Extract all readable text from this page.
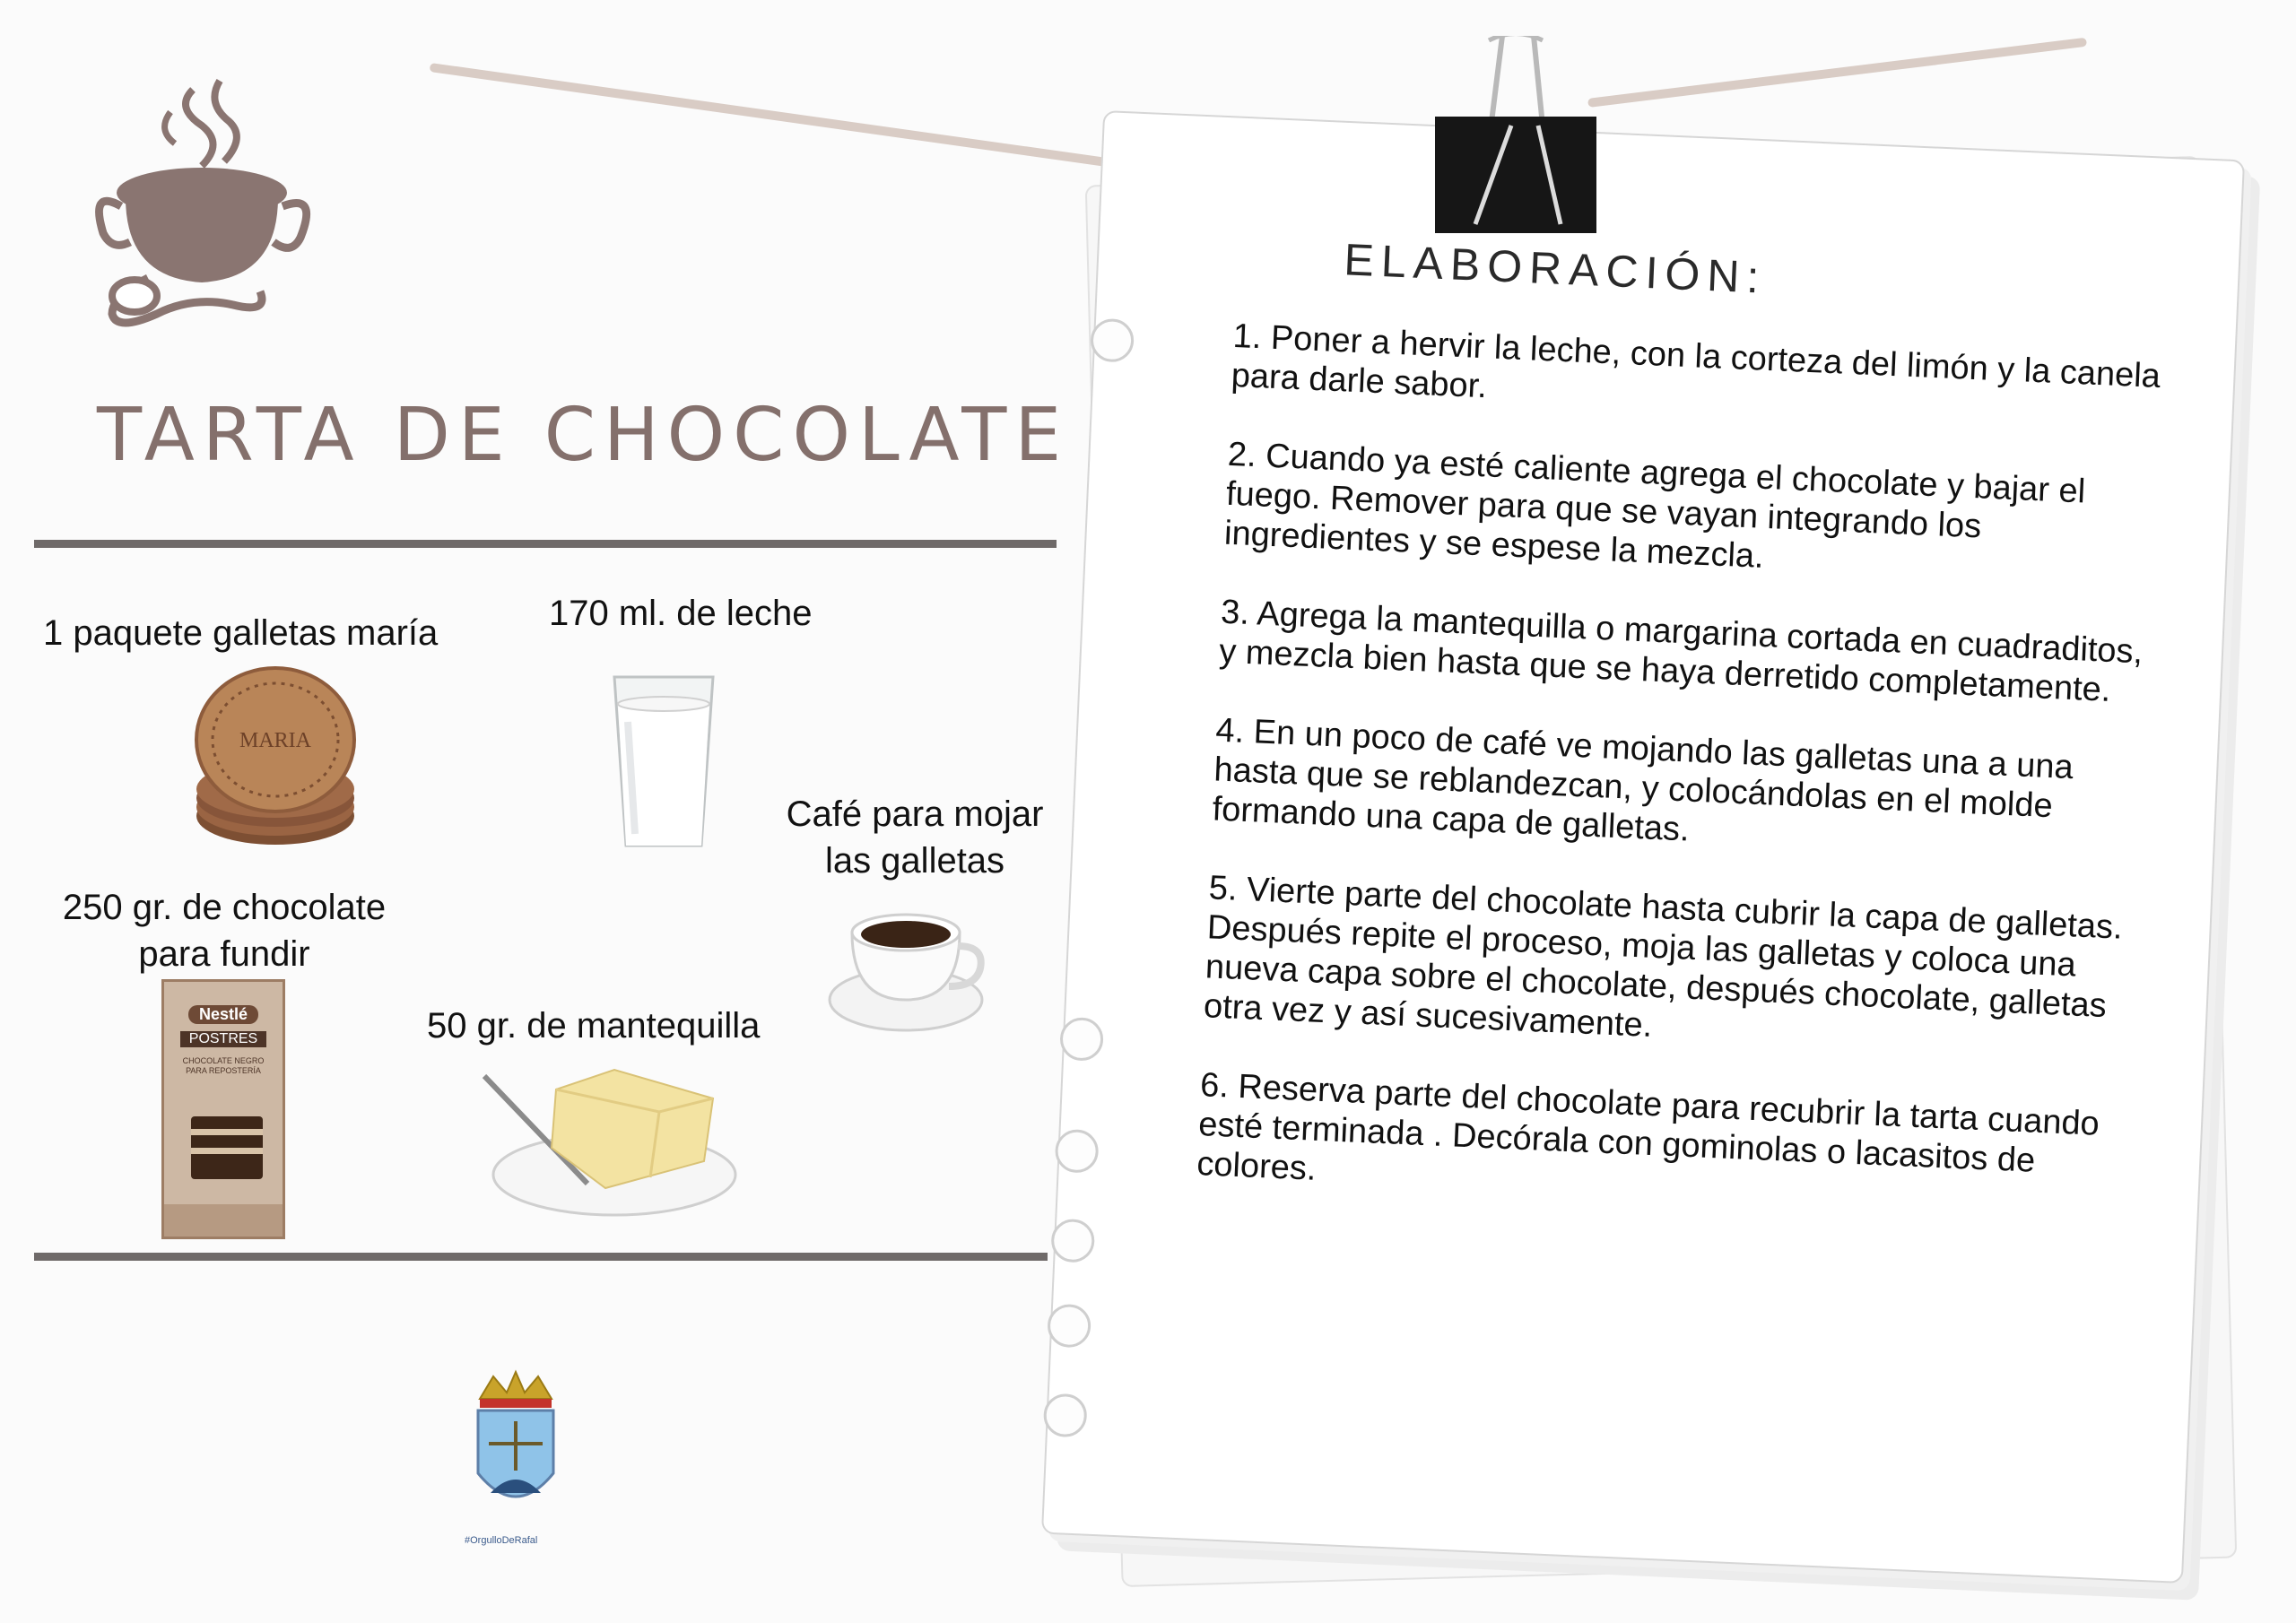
TARTA DE CHOCOLATE
1 paquete galletas maría	170 ml. de leche
Café para mojar
las galletas
250 gr. de chocolate
para fundir
50 gr. de mantequilla
MARIA
Nestlé
POSTRES
CHOCOLATE NEGRO PARA REPOSTERÍA
#OrgulloDeRafal
ELABORACIÓN:

1. Poner a hervir la leche, con la corteza del limón y la canela para darle sabor.

2. Cuando ya esté caliente agrega el chocolate y bajar el fuego. Remover para que se vayan integrando los ingredientes y se espese la mezcla.

3. Agrega la mantequilla o margarina cortada en cuadraditos, y mezcla bien hasta que se haya derretido completamente.

4. En un poco de café ve mojando las galletas una a una hasta que se reblandezcan, y colocándolas en el molde formando una capa de galletas.

5. Vierte parte del chocolate hasta cubrir la capa de galletas. Después repite el proceso, moja las galletas y coloca una nueva capa sobre el chocolate, después chocolate, galletas otra vez y así sucesivamente.

6. Reserva parte del chocolate para recubrir la tarta cuando esté terminada . Decórala con gominolas o lacasitos de colores.
